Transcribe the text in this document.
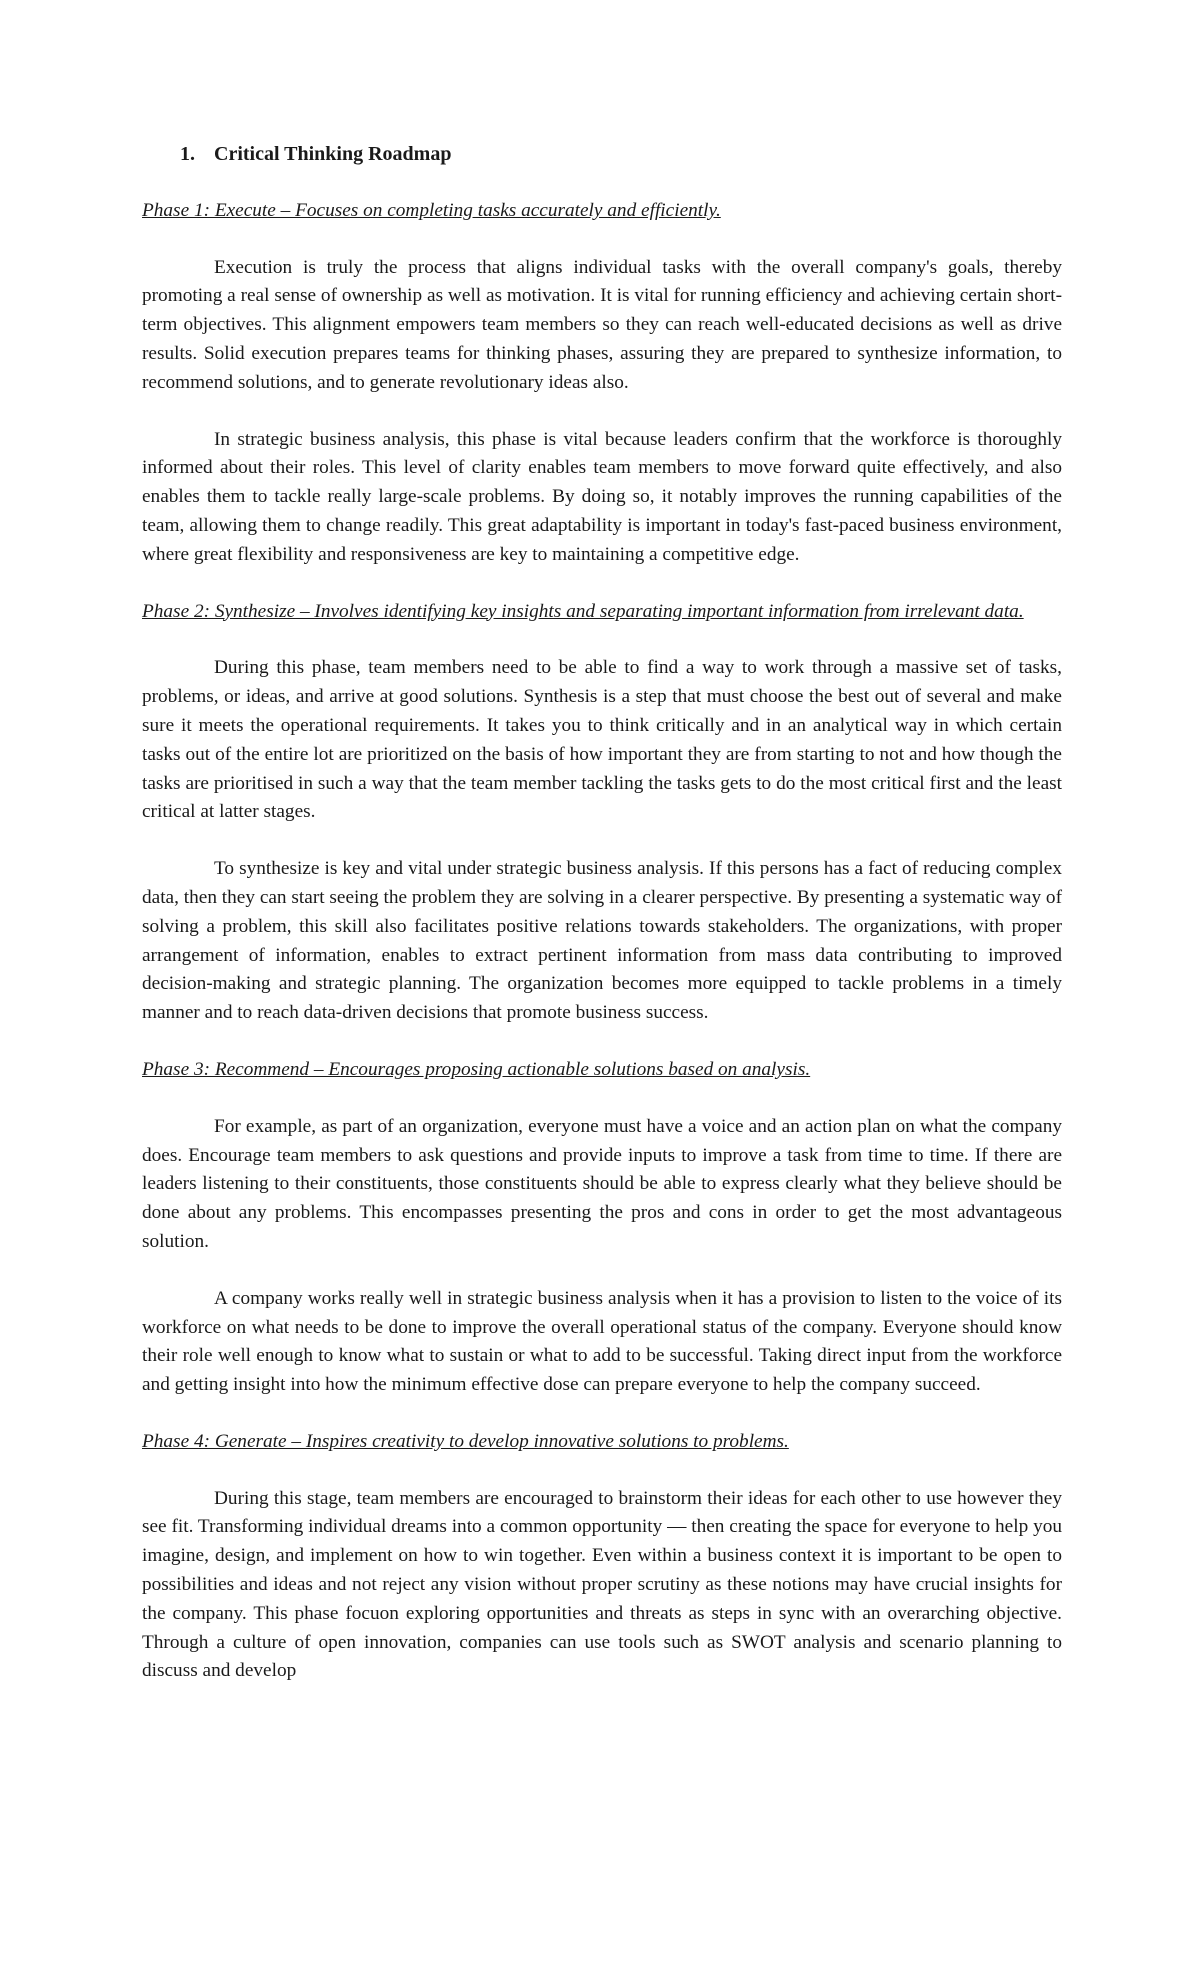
1. Critical Thinking Roadmap
Phase 1: Execute – Focuses on completing tasks accurately and efficiently.

Execution is truly the process that aligns individual tasks with the overall company's goals, thereby promoting a real sense of ownership as well as motivation. It is vital for running efficiency and achieving certain short-term objectives. This alignment empowers team members so they can reach well-educated decisions as well as drive results. Solid execution prepares teams for thinking phases, assuring they are prepared to synthesize information, to recommend solutions, and to generate revolutionary ideas also.

In strategic business analysis, this phase is vital because leaders confirm that the workforce is thoroughly informed about their roles. This level of clarity enables team members to move forward quite effectively, and also enables them to tackle really large-scale problems. By doing so, it notably improves the running capabilities of the team, allowing them to change readily. This great adaptability is important in today's fast-paced business environment, where great flexibility and responsiveness are key to maintaining a competitive edge.

Phase 2: Synthesize – Involves identifying key insights and separating important information from irrelevant data.

During this phase, team members need to be able to find a way to work through a massive set of tasks, problems, or ideas, and arrive at good solutions. Synthesis is a step that must choose the best out of several and make sure it meets the operational requirements. It takes you to think critically and in an analytical way in which certain tasks out of the entire lot are prioritized on the basis of how important they are from starting to not and how though the tasks are prioritised in such a way that the team member tackling the tasks gets to do the most critical first and the least critical at latter stages.

To synthesize is key and vital under strategic business analysis. If this persons has a fact of reducing complex data, then they can start seeing the problem they are solving in a clearer perspective. By presenting a systematic way of solving a problem, this skill also facilitates positive relations towards stakeholders. The organizations, with proper arrangement of information, enables to extract pertinent information from mass data contributing to improved decision-making and strategic planning. The organization becomes more equipped to tackle problems in a timely manner and to reach data-driven decisions that promote business success.

Phase 3: Recommend – Encourages proposing actionable solutions based on analysis.

For example, as part of an organization, everyone must have a voice and an action plan on what the company does. Encourage team members to ask questions and provide inputs to improve a task from time to time. If there are leaders listening to their constituents, those constituents should be able to express clearly what they believe should be done about any problems. This encompasses presenting the pros and cons in order to get the most advantageous solution.

A company works really well in strategic business analysis when it has a provision to listen to the voice of its workforce on what needs to be done to improve the overall operational status of the company. Everyone should know their role well enough to know what to sustain or what to add to be successful. Taking direct input from the workforce and getting insight into how the minimum effective dose can prepare everyone to help the company succeed.

Phase 4: Generate – Inspires creativity to develop innovative solutions to problems.

During this stage, team members are encouraged to brainstorm their ideas for each other to use however they see fit. Transforming individual dreams into a common opportunity — then creating the space for everyone to help you imagine, design, and implement on how to win together. Even within a business context it is important to be open to possibilities and ideas and not reject any vision without proper scrutiny as these notions may have crucial insights for the company. This phase focuon exploring opportunities and threats as steps in sync with an overarching objective. Through a culture of open innovation, companies can use tools such as SWOT analysis and scenario planning to discuss and develop
